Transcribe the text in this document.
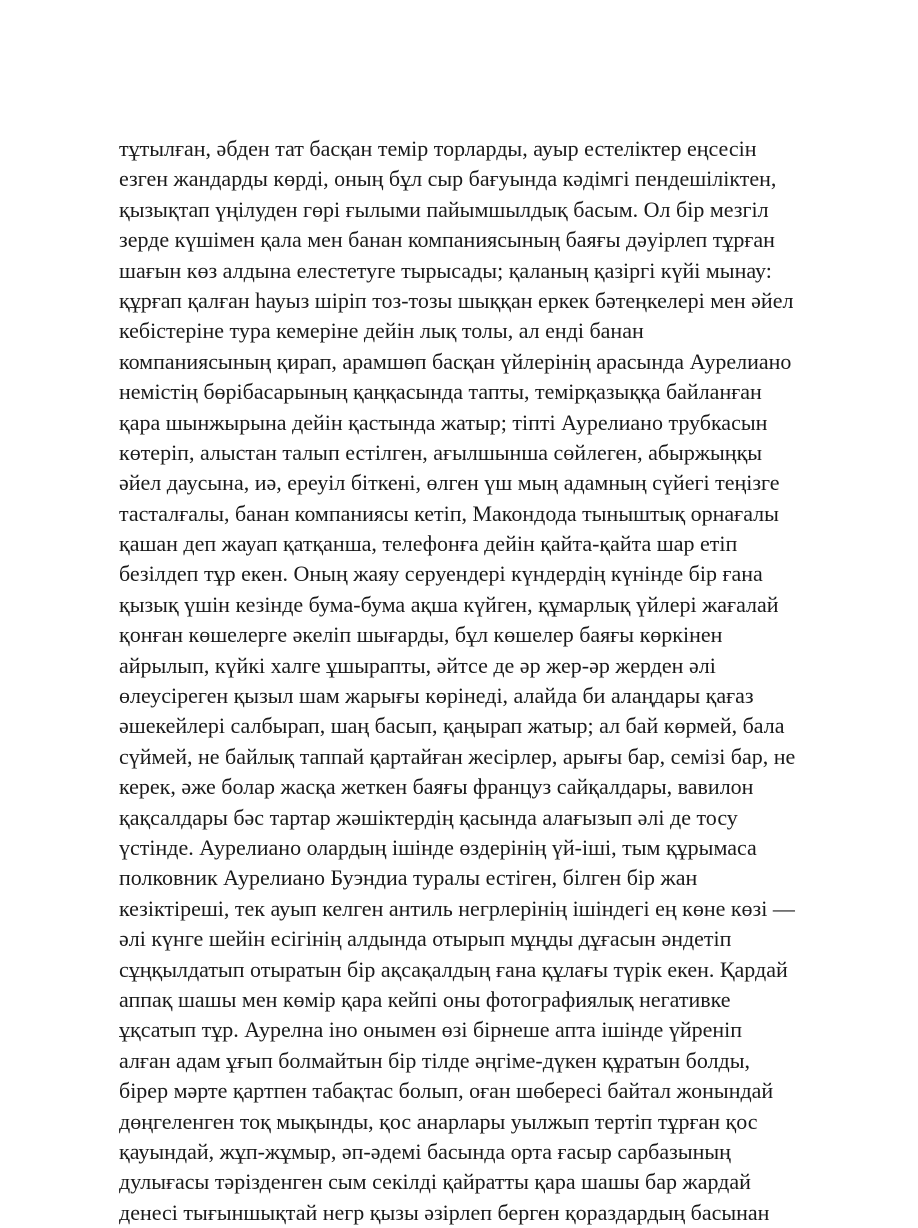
тұтылған, әбден тат басқан темір торларды, ауыр естеліктер еңсесін
езген жандарды көрді, оның бұл сыр бағуында кәдімгі пендешіліктен,
қызықтап үңілуден гөрі ғылыми пайымшылдық басым. Ол бір мезгіл
зерде күшімен қала мен банан компаниясының баяғы дәуірлеп тұрған
шағын көз алдына елестетуге тырысады; қаланың қазіргі күйі мынау:
құрғап қалған һауыз шіріп тоз-тозы шыққан еркек бәтеңкелері мен әйел
кебістеріне тура кемеріне дейін лық толы, ал енді банан
компаниясының қирап, арамшөп басқан үйлерінің арасында Аурелиано
немістің бөрібасарының қаңқасында тапты, темірқазыққа байланған
қара шынжырына дейін қастында жатыр; тіпті Аурелиано трубкасын
көтеріп, алыстан талып естілген, ағылшынша сөйлеген, абыржыңқы
әйел даусына, иә, ереуіл біткені, өлген үш мың адамның сүйегі теңізге
тасталғалы, банан компаниясы кетіп, Макондода тыныштық орнағалы
қашан деп жауап қатқанша, телефонға дейін қайта-қайта шар етіп
безілдеп тұр екен. Оның жаяу серуендері күндердің күнінде бір ғана
қызық үшін кезінде бума-бума ақша күйген, құмарлық үйлері жағалай
қонған көшелерге әкеліп шығарды, бұл көшелер баяғы көркінен
айрылып, күйкі халге ұшырапты, әйтсе де әр жер-әр жерден әлі
өлеусіреген қызыл шам жарығы көрінеді, алайда би алаңдары қағаз
әшекейлері салбырап, шаң басып, қаңырап жатыр; ал бай көрмей, бала
сүймей, не байлық таппай қартайған жесірлер, арығы бар, семізі бар, не
керек, әже болар жасқа жеткен баяғы француз сайқалдары, вавилон
қақсалдары бәс тартар жәшіктердің қасында алағызып әлі де тосу
үстінде. Аурелиано олардың ішінде өздерінің үй-іші, тым құрымаса
полковник Аурелиано Буэндиа туралы естіген, білген бір жан
кезіктіреші, тек ауып келген антиль негрлерінің ішіндегі ең көне көзі —
әлі күнге шейін есігінің алдында отырып мұңды дұғасын әндетіп
сұңқылдатып отыратын бір ақсақалдың ғана құлағы түрік екен. Қардай
аппақ шашы мен көмір қара кейпі оны фотографиялық негативке
ұқсатып тұр. Аурелна іно онымен өзі бірнеше апта ішінде үйреніп
алған адам ұғып болмайтын бір тілде әңгіме-дүкен құратын болды,
бірер мәрте қартпен табақтас болып, оған шөбересі байтал жонындай
дөңгеленген тоқ мықынды, қос анарлары уылжып тертіп тұрған қос
қауындай, жұп-жұмыр, әп-әдемі басында орта ғасыр сарбазының
дулығасы тәрізденген сым секілді қайратты қара шашы бар жардай
денесі тығыншықтай негр қызы әзірлеп берген қораздардың басынан
